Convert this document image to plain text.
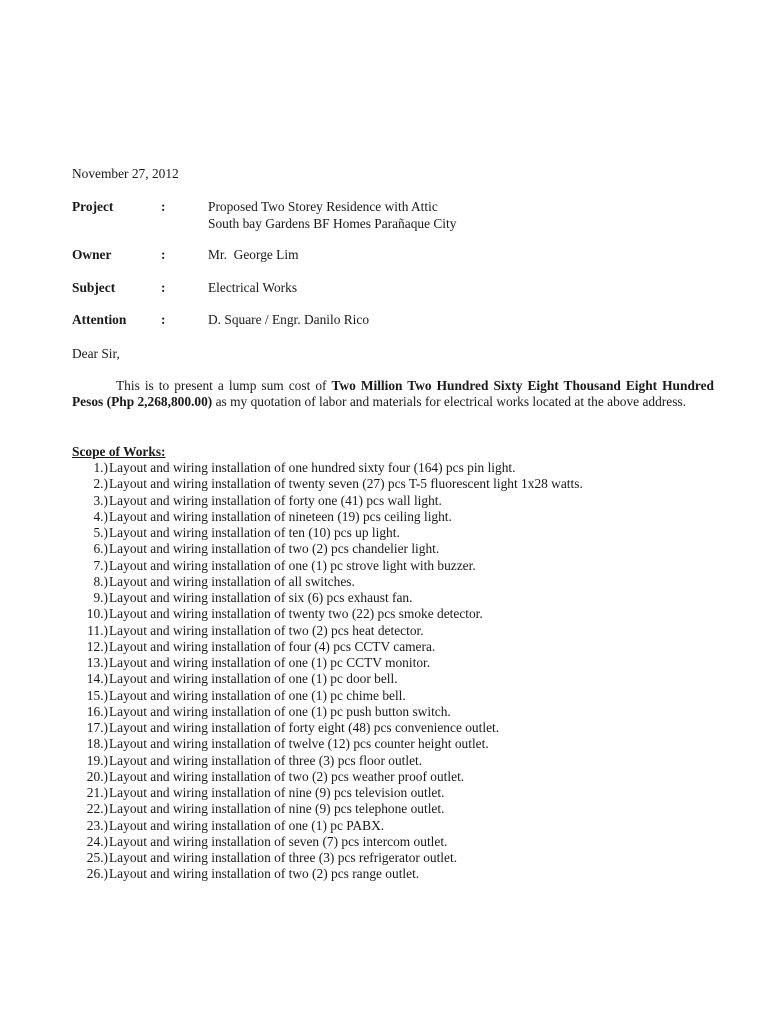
November 27, 2012
Project	:	Proposed Two Storey Residence with Attic
South bay Gardens BF Homes Parañaque City
Owner	:	Mr.  George Lim
Subject	:	Electrical Works
Attention	:	D. Square / Engr. Danilo Rico
Dear Sir,
This is to present a lump sum cost of Two Million Two Hundred Sixty Eight Thousand Eight Hundred Pesos (Php 2,268,800.00) as my quotation of labor and materials for electrical works located at the above address.
Scope of Works:
1.) Layout and wiring installation of one hundred sixty four (164) pcs pin light.
2.) Layout and wiring installation of twenty seven (27) pcs T-5 fluorescent light 1x28 watts.
3.) Layout and wiring installation of forty one (41) pcs wall light.
4.) Layout and wiring installation of nineteen (19) pcs ceiling light.
5.) Layout and wiring installation of ten (10) pcs up light.
6.) Layout and wiring installation of two (2) pcs chandelier light.
7.) Layout and wiring installation of one (1) pc strove light with buzzer.
8.) Layout and wiring installation of all switches.
9.) Layout and wiring installation of six (6) pcs exhaust fan.
10.) Layout and wiring installation of twenty two (22) pcs smoke detector.
11.) Layout and wiring installation of two (2) pcs heat detector.
12.) Layout and wiring installation of four (4) pcs CCTV camera.
13.) Layout and wiring installation of one (1) pc CCTV monitor.
14.) Layout and wiring installation of one (1) pc door bell.
15.) Layout and wiring installation of one (1) pc chime bell.
16.) Layout and wiring installation of one (1) pc push button switch.
17.) Layout and wiring installation of forty eight (48) pcs convenience outlet.
18.) Layout and wiring installation of twelve (12) pcs counter height outlet.
19.) Layout and wiring installation of three (3) pcs floor outlet.
20.) Layout and wiring installation of two (2) pcs weather proof outlet.
21.) Layout and wiring installation of nine (9) pcs television outlet.
22.) Layout and wiring installation of nine (9) pcs telephone outlet.
23.) Layout and wiring installation of one (1) pc PABX.
24.) Layout and wiring installation of seven (7) pcs intercom outlet.
25.) Layout and wiring installation of three (3) pcs refrigerator outlet.
26.) Layout and wiring installation of two (2) pcs range outlet.
